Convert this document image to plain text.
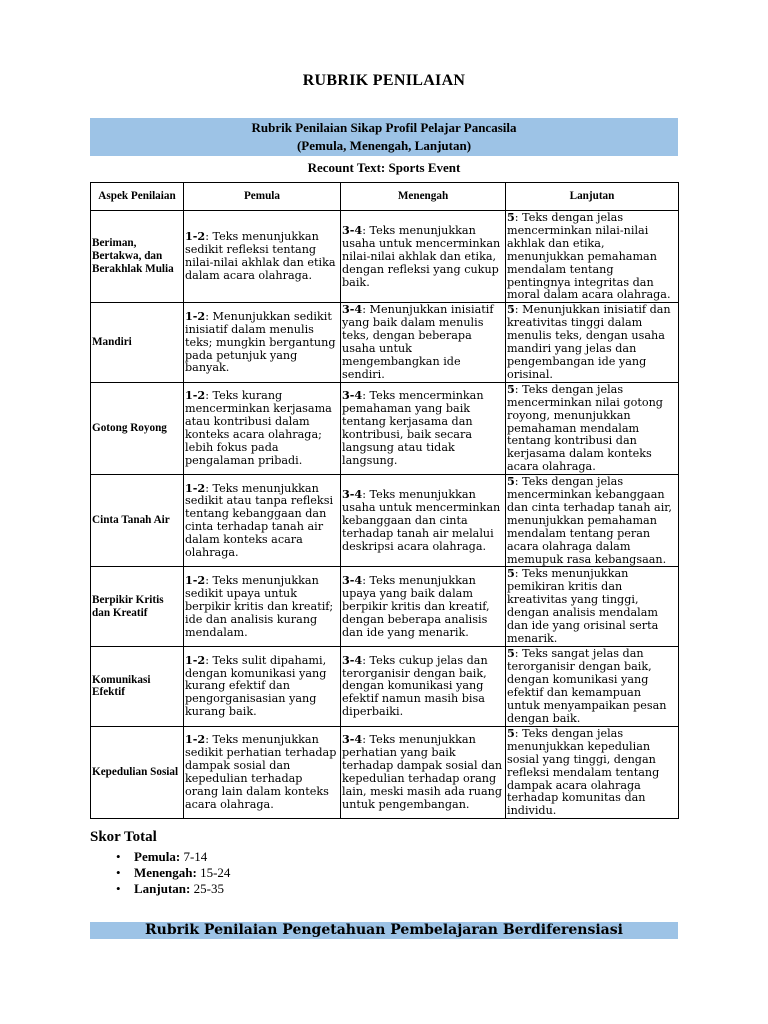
RUBRIK PENILAIAN
Rubrik Penilaian Sikap Profil Pelajar Pancasila
(Pemula, Menengah, Lanjutan)
Recount Text: Sports Event
Aspek Penilaian	Pemula	Menengah	Lanjutan
Beriman, Bertakwa, dan Berakhlak Mulia	1-2: Teks menunjukkan sedikit refleksi tentang nilai-nilai akhlak dan etika dalam acara olahraga.	3-4: Teks menunjukkan usaha untuk mencerminkan nilai-nilai akhlak dan etika, dengan refleksi yang cukup baik.	5: Teks dengan jelas mencerminkan nilai-nilai akhlak dan etika, menunjukkan pemahaman mendalam tentang pentingnya integritas dan moral dalam acara olahraga.
Mandiri	1-2: Menunjukkan sedikit inisiatif dalam menulis teks; mungkin bergantung pada petunjuk yang banyak.	3-4: Menunjukkan inisiatif yang baik dalam menulis teks, dengan beberapa usaha untuk mengembangkan ide sendiri.	5: Menunjukkan inisiatif dan kreativitas tinggi dalam menulis teks, dengan usaha mandiri yang jelas dan pengembangan ide yang orisinal.
Gotong Royong	1-2: Teks kurang mencerminkan kerjasama atau kontribusi dalam konteks acara olahraga; lebih fokus pada pengalaman pribadi.	3-4: Teks mencerminkan pemahaman yang baik tentang kerjasama dan kontribusi, baik secara langsung atau tidak langsung.	5: Teks dengan jelas mencerminkan nilai gotong royong, menunjukkan pemahaman mendalam tentang kontribusi dan kerjasama dalam konteks acara olahraga.
Cinta Tanah Air	1-2: Teks menunjukkan sedikit atau tanpa refleksi tentang kebanggaan dan cinta terhadap tanah air dalam konteks acara olahraga.	3-4: Teks menunjukkan usaha untuk mencerminkan kebanggaan dan cinta terhadap tanah air melalui deskripsi acara olahraga.	5: Teks dengan jelas mencerminkan kebanggaan dan cinta terhadap tanah air, menunjukkan pemahaman mendalam tentang peran acara olahraga dalam memupuk rasa kebangsaan.
Berpikir Kritis dan Kreatif	1-2: Teks menunjukkan sedikit upaya untuk berpikir kritis dan kreatif; ide dan analisis kurang mendalam.	3-4: Teks menunjukkan upaya yang baik dalam berpikir kritis dan kreatif, dengan beberapa analisis dan ide yang menarik.	5: Teks menunjukkan pemikiran kritis dan kreativitas yang tinggi, dengan analisis mendalam dan ide yang orisinal serta menarik.
Komunikasi Efektif	1-2: Teks sulit dipahami, dengan komunikasi yang kurang efektif dan pengorganisasian yang kurang baik.	3-4: Teks cukup jelas dan terorganisir dengan baik, dengan komunikasi yang efektif namun masih bisa diperbaiki.	5: Teks sangat jelas dan terorganisir dengan baik, dengan komunikasi yang efektif dan kemampuan untuk menyampaikan pesan dengan baik.
Kepedulian Sosial	1-2: Teks menunjukkan sedikit perhatian terhadap dampak sosial dan kepedulian terhadap orang lain dalam konteks acara olahraga.	3-4: Teks menunjukkan perhatian yang baik terhadap dampak sosial dan kepedulian terhadap orang lain, meski masih ada ruang untuk pengembangan.	5: Teks dengan jelas menunjukkan kepedulian sosial yang tinggi, dengan refleksi mendalam tentang dampak acara olahraga terhadap komunitas dan individu.
Skor Total
• Pemula: 7-14
• Menengah: 15-24
• Lanjutan: 25-35
Rubrik Penilaian Pengetahuan Pembelajaran Berdiferensiasi
